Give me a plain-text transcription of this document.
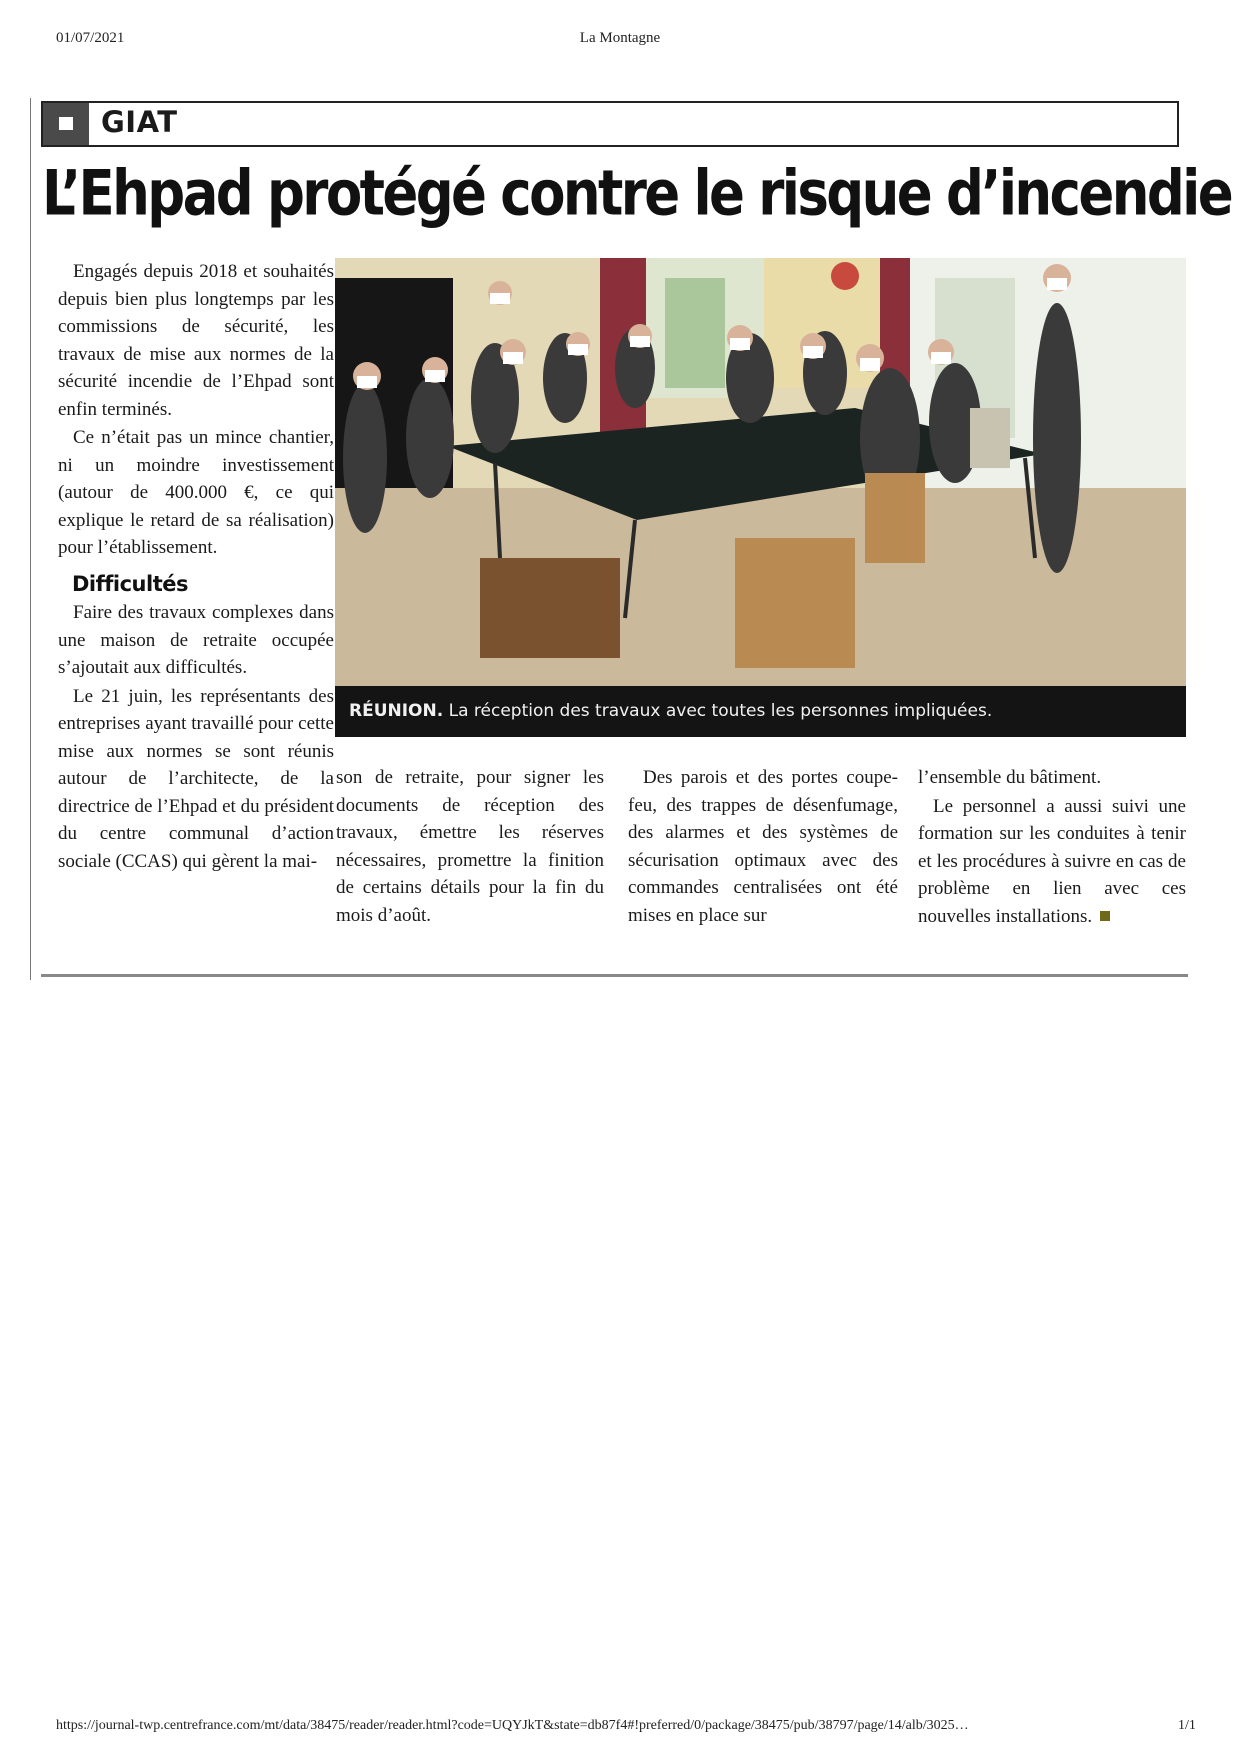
01/07/2021	La Montagne
GIAT
L’Ehpad protégé contre le risque d’incendie

Engagés depuis 2018 et souhaités depuis bien plus longtemps par les commissions de sécurité, les travaux de mise aux normes de la sécurité incendie de l’Ehpad sont enfin terminés.

Ce n’était pas un mince chantier, ni un moindre investissement (autour de 400.000 €, ce qui explique le retard de sa réalisation) pour l’établissement.

Difficultés

Faire des travaux complexes dans une maison de retraite occupée s’ajoutait aux difficultés.

Le 21 juin, les représentants des entreprises ayant travaillé pour cette mise aux normes se sont réunis autour de l’architecte, de la directrice de l’Ehpad et du président du centre communal d’action sociale (CCAS) qui gèrent la mai-

RÉUNION. La réception des travaux avec toutes les personnes impliquées.

son de retraite, pour signer les documents de réception des travaux, émettre les réserves nécessaires, promettre la finition de certains détails pour la fin du mois d’août.

Des parois et des portes coupe-feu, des trappes de désenfumage, des alarmes et des systèmes de sécurisation optimaux avec des commandes centralisées ont été mises en place sur

l’ensemble du bâtiment.

Le personnel a aussi suivi une formation sur les conduites à tenir et les procédures à suivre en cas de problème en lien avec ces nouvelles installations.

https://journal-twp.centrefrance.com/mt/data/38475/reader/reader.html?code=UQYJkT&state=db87f4#!preferred/0/package/38475/pub/38797/page/14/alb/3025…	1/1
